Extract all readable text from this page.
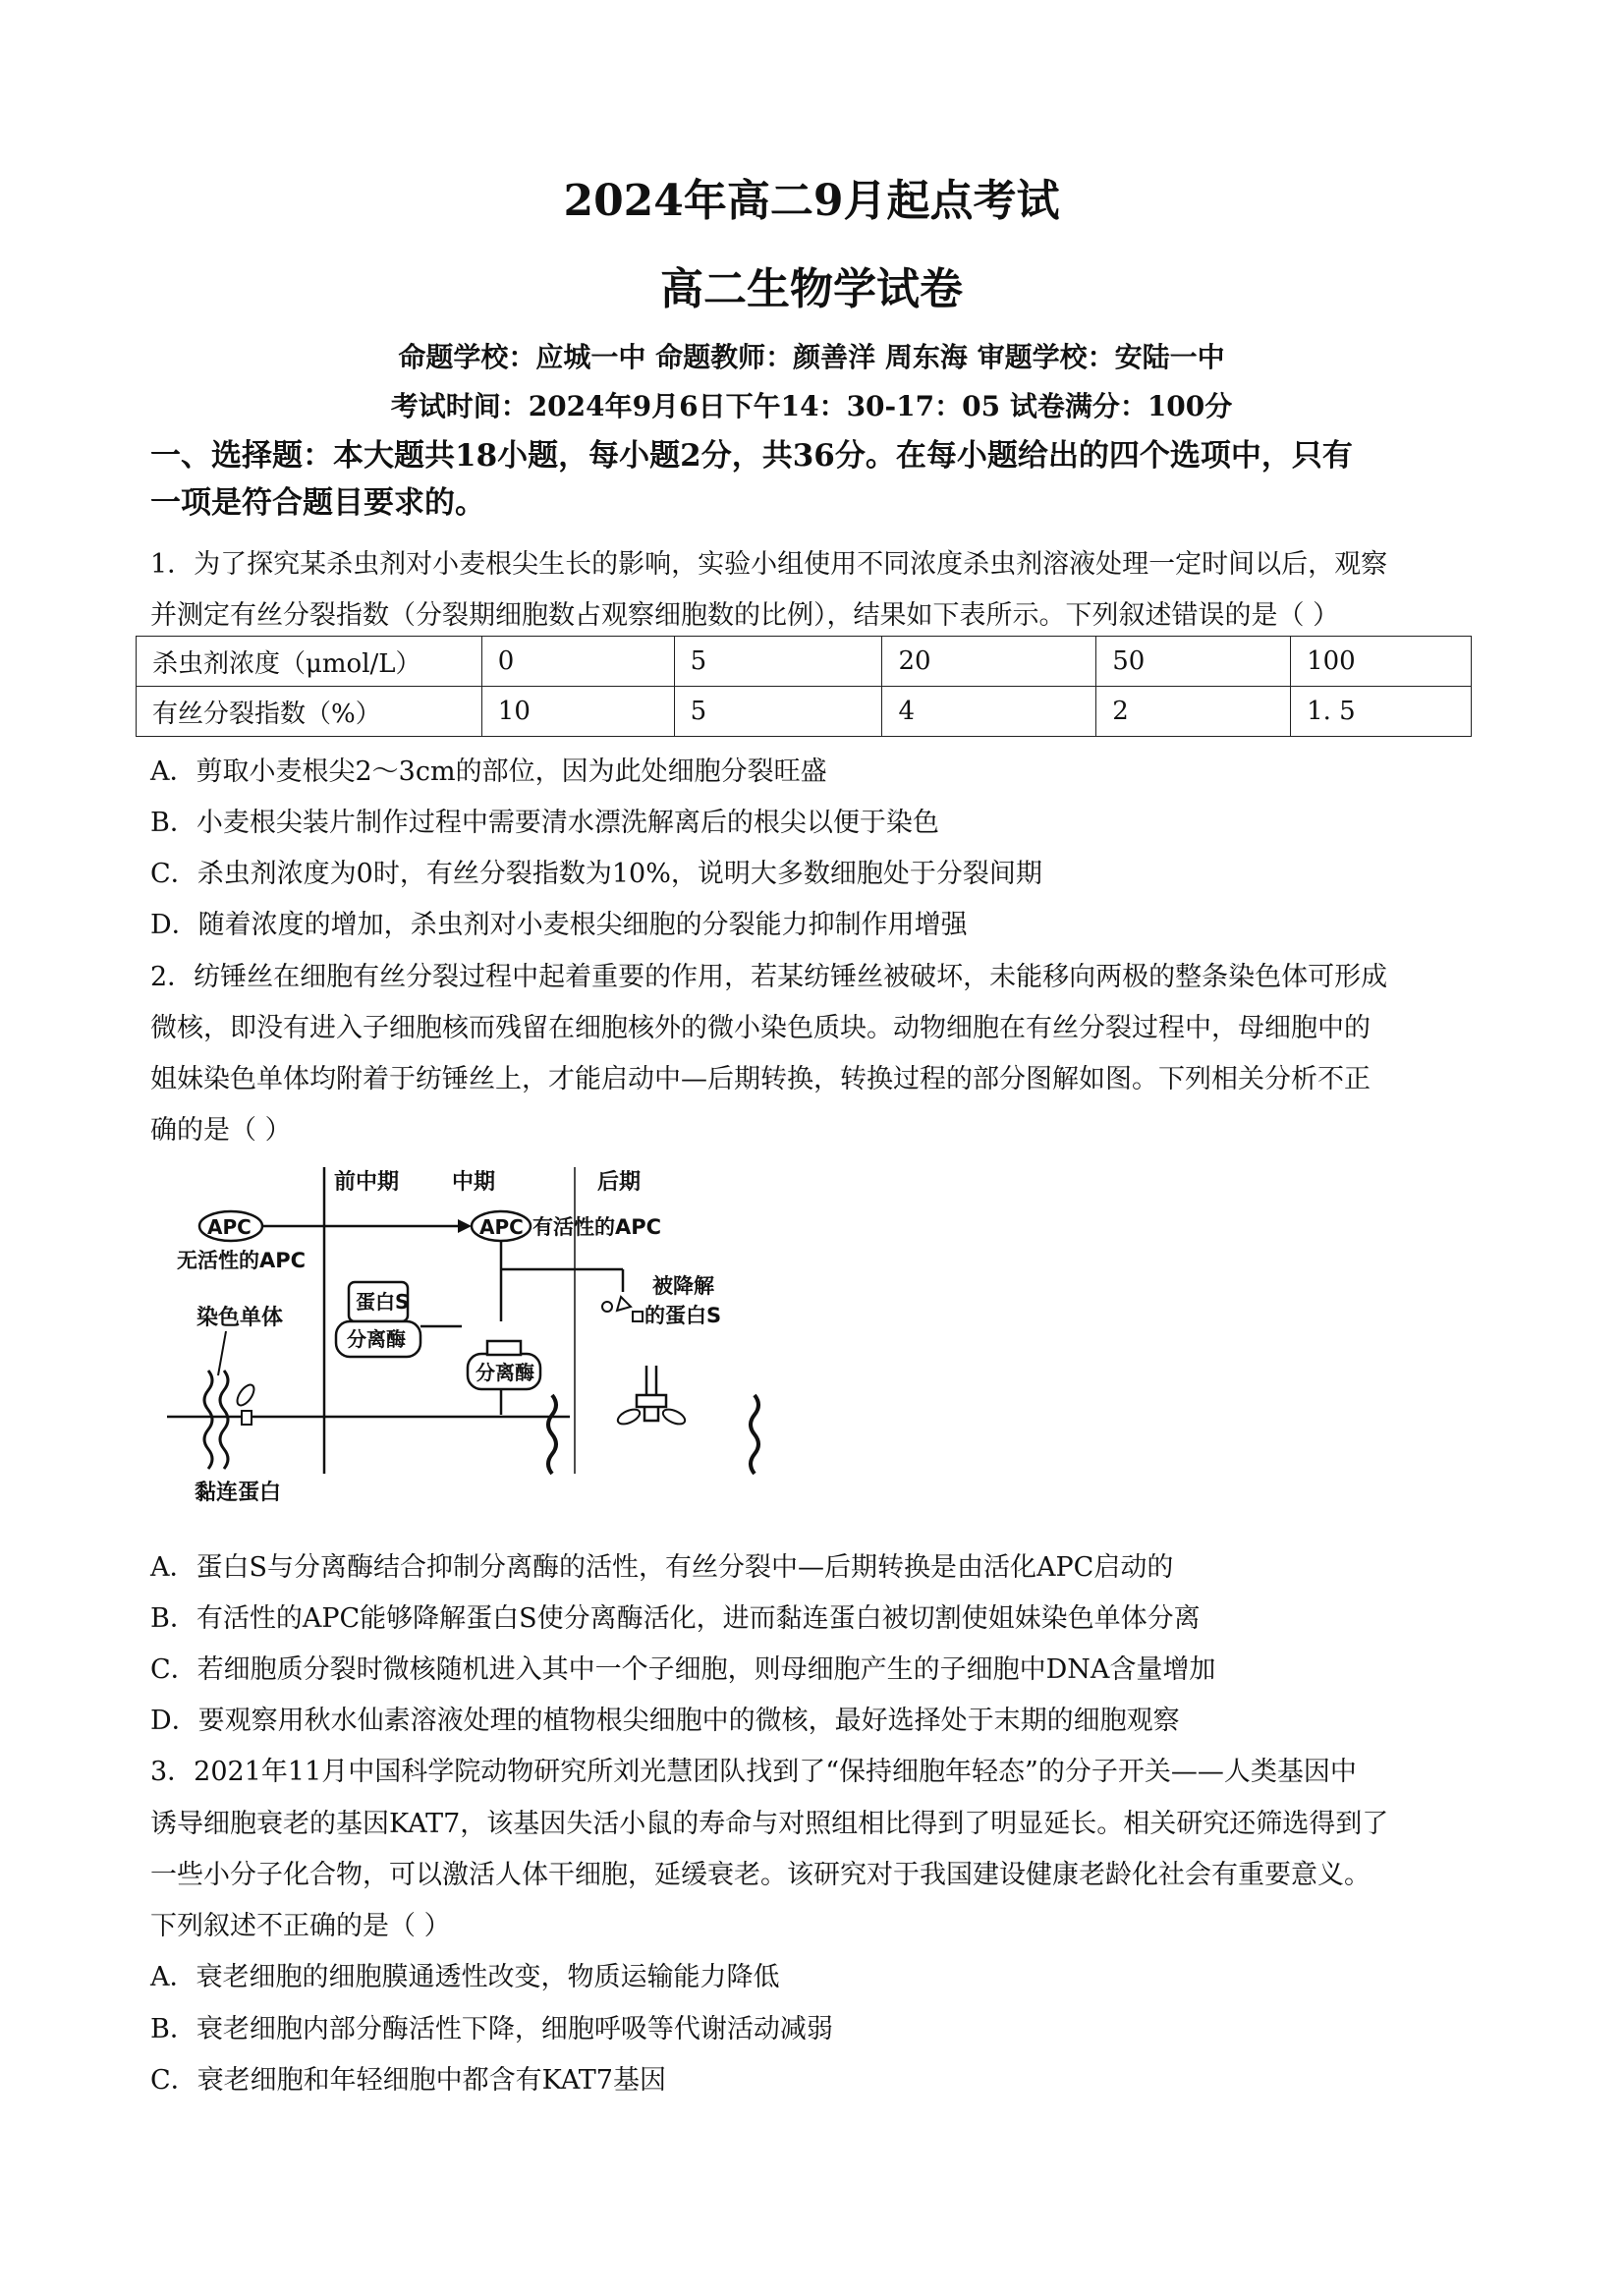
2024年高二9月起点考试
高二生物学试卷
命题学校：应城一中 命题教师：颜善洋 周东海 审题学校：安陆一中
考试时间：2024年9月6日下午14：30-17：05 试卷满分：100分
一、选择题：本大题共18小题，每小题2分，共36分。在每小题给出的四个选项中，只有
一项是符合题目要求的。
1．为了探究某杀虫剂对小麦根尖生长的影响，实验小组使用不同浓度杀虫剂溶液处理一定时间以后，观察
并测定有丝分裂指数（分裂期细胞数占观察细胞数的比例），结果如下表所示。下列叙述错误的是（ ）
杀虫剂浓度（μmol/L）	0	5	20	50	100
有丝分裂指数（%）	10	5	4	2	1. 5
A．剪取小麦根尖2～3cm的部位，因为此处细胞分裂旺盛
B．小麦根尖装片制作过程中需要清水漂洗解离后的根尖以便于染色
C．杀虫剂浓度为0时，有丝分裂指数为10%，说明大多数细胞处于分裂间期
D．随着浓度的增加，杀虫剂对小麦根尖细胞的分裂能力抑制作用增强
2．纺锤丝在细胞有丝分裂过程中起着重要的作用，若某纺锤丝被破坏，未能移向两极的整条染色体可形成
微核，即没有进入子细胞核而残留在细胞核外的微小染色质块。动物细胞在有丝分裂过程中，母细胞中的
姐妹染色单体均附着于纺锤丝上，才能启动中—后期转换，转换过程的部分图解如图。下列相关分析不正
确的是（ ）
前中期 中期	后期
APC
无活性的APC
APC 有活性的APC
蛋白S
分离酶
分离酶
染色单体
黏连蛋白
被降解
的蛋白S
A．蛋白S与分离酶结合抑制分离酶的活性，有丝分裂中—后期转换是由活化APC启动的
B．有活性的APC能够降解蛋白S使分离酶活化，进而黏连蛋白被切割使姐妹染色单体分离
C．若细胞质分裂时微核随机进入其中一个子细胞，则母细胞产生的子细胞中DNA含量增加
D．要观察用秋水仙素溶液处理的植物根尖细胞中的微核，最好选择处于末期的细胞观察
3．2021年11月中国科学院动物研究所刘光慧团队找到了“保持细胞年轻态”的分子开关——人类基因中
诱导细胞衰老的基因KAT7，该基因失活小鼠的寿命与对照组相比得到了明显延长。相关研究还筛选得到了
一些小分子化合物，可以激活人体干细胞，延缓衰老。该研究对于我国建设健康老龄化社会有重要意义。
下列叙述不正确的是（ ）
A．衰老细胞的细胞膜通透性改变，物质运输能力降低
B．衰老细胞内部分酶活性下降，细胞呼吸等代谢活动减弱
C．衰老细胞和年轻细胞中都含有KAT7基因
